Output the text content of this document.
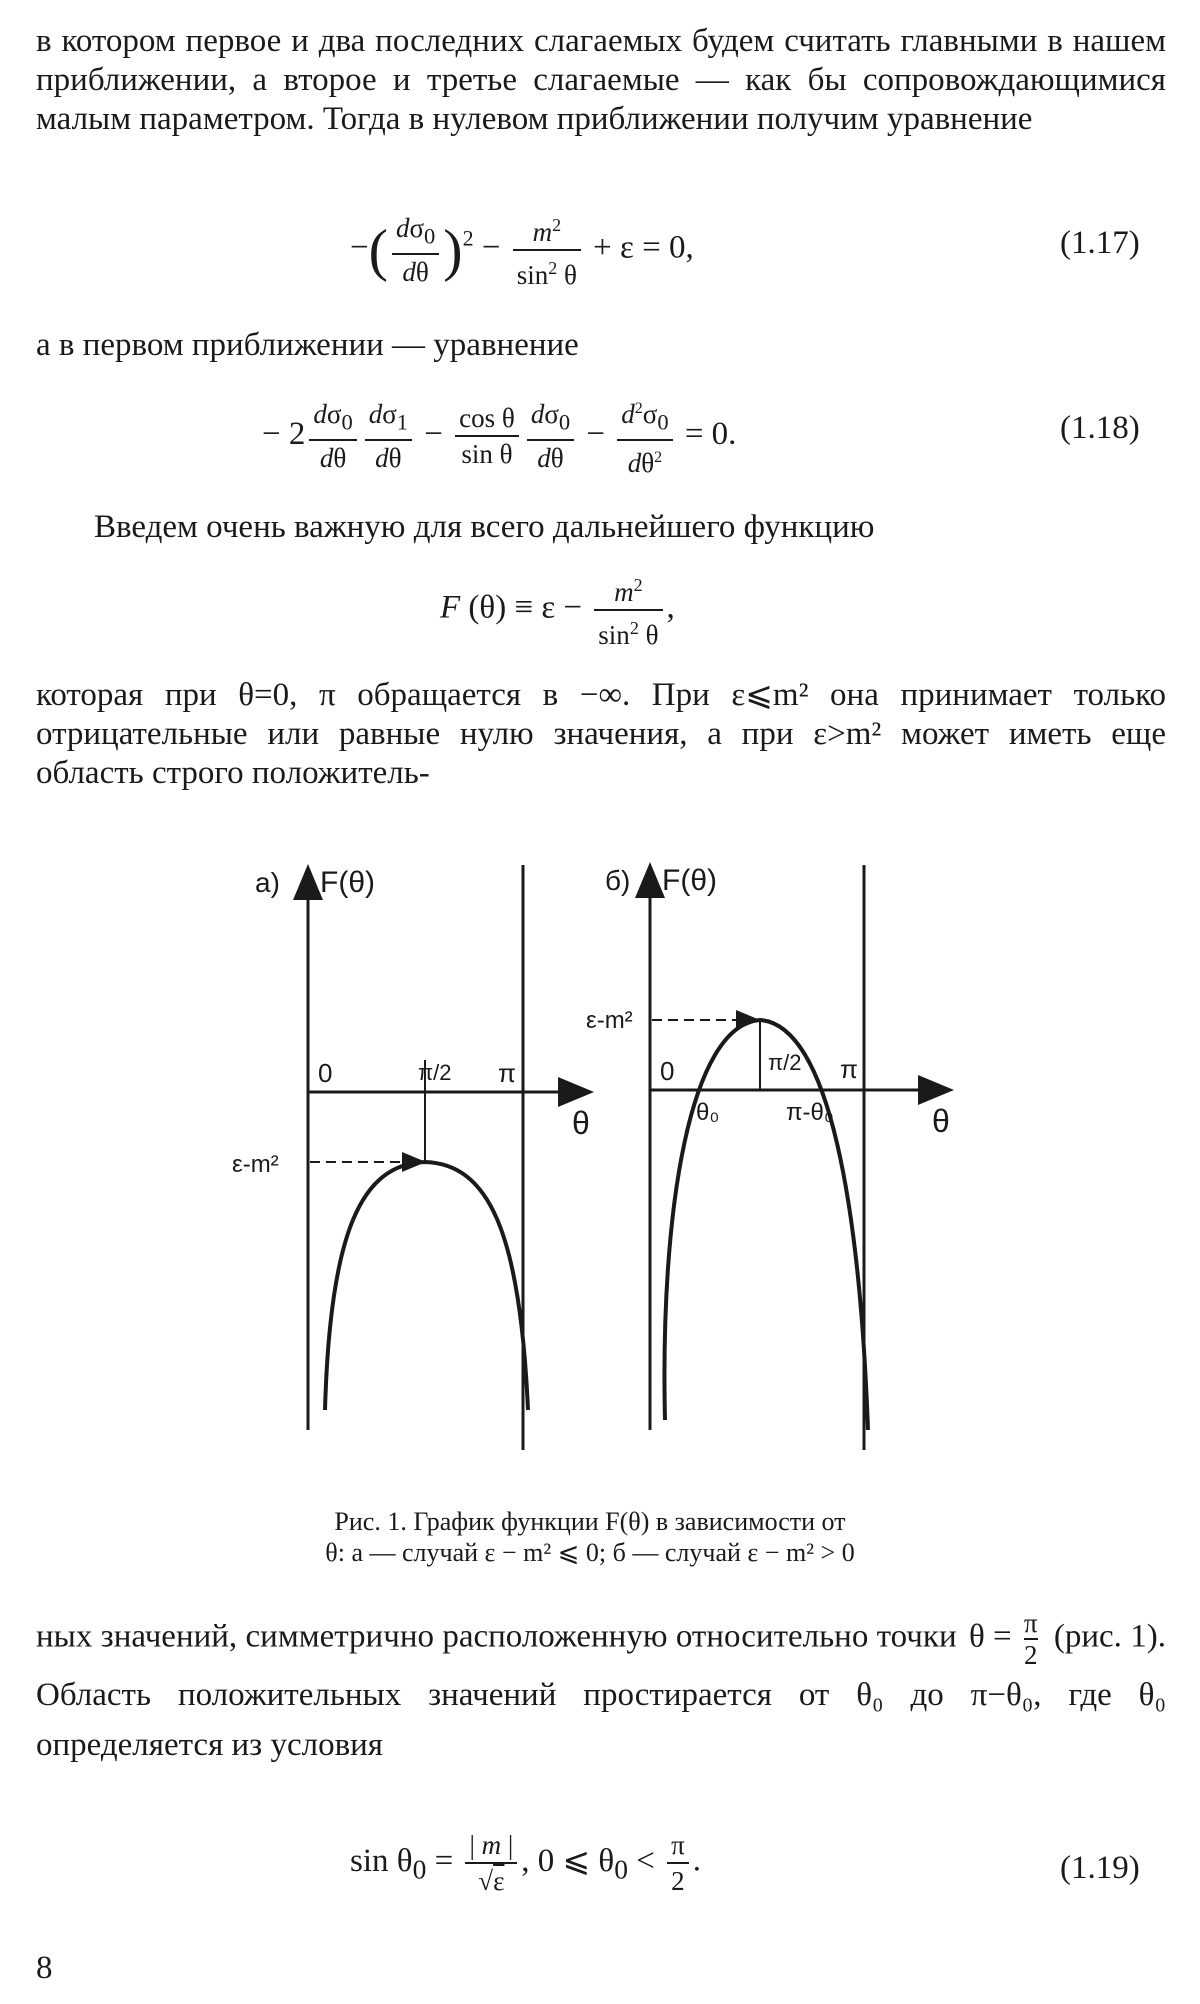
в котором первое и два последних слагаемых будем считать главными в нашем приближении, а второе и третье слагаемые — как бы сопровождающимися малым параметром. Тогда в нулевом приближении получим уравнение
−( $\frac{d\sigma_0}{d\theta} )^2 - \frac{m^2}{\sin^2 \theta} + \varepsilon = 0$,	(1.17)
а в первом приближении — уравнение
− $2 \frac{d\sigma_0}{d\theta} \frac{d\sigma_1}{d\theta} - \frac{\text{cos θ}}{\text{sin θ}} \frac{d\sigma_0}{d\theta} - \frac{d^2\sigma_0}{d\theta^2} = 0$.	(1.18)
Введем очень важную для всего дальнейшего функцию
F $(\theta) \equiv \varepsilon - \frac{m^2}{\sin^2 \theta}$ ,
которая при θ=0, π обращается в −∞. При ε⩽m² она принимает только отрицательные или равные нулю значения, а при ε>m² может иметь еще область строго положитель-
а) F(θ)
θ
0	π/2 π
ε-m²
б) F(θ)
θ
0	π/2 π
θ₀	π-θ₀
ε-m²
Рис. 1. График функции F(θ) в зависимости от
θ: а — случай ε − m² ⩽ 0; б — случай ε − m² > 0
ных значений, симметрично расположенную относительно точки $\theta = \frac{\pi}{2} (рис$. 1). Область положительных значений простирается от θ₀ до π−θ₀, где θ₀ определяется из условия
$\sin \theta_0 = \frac{| m |}{√\varepsilon}$ , 0 ⩽ $\theta_0 < \frac{\pi}{2}$ .	(1.19)
8
